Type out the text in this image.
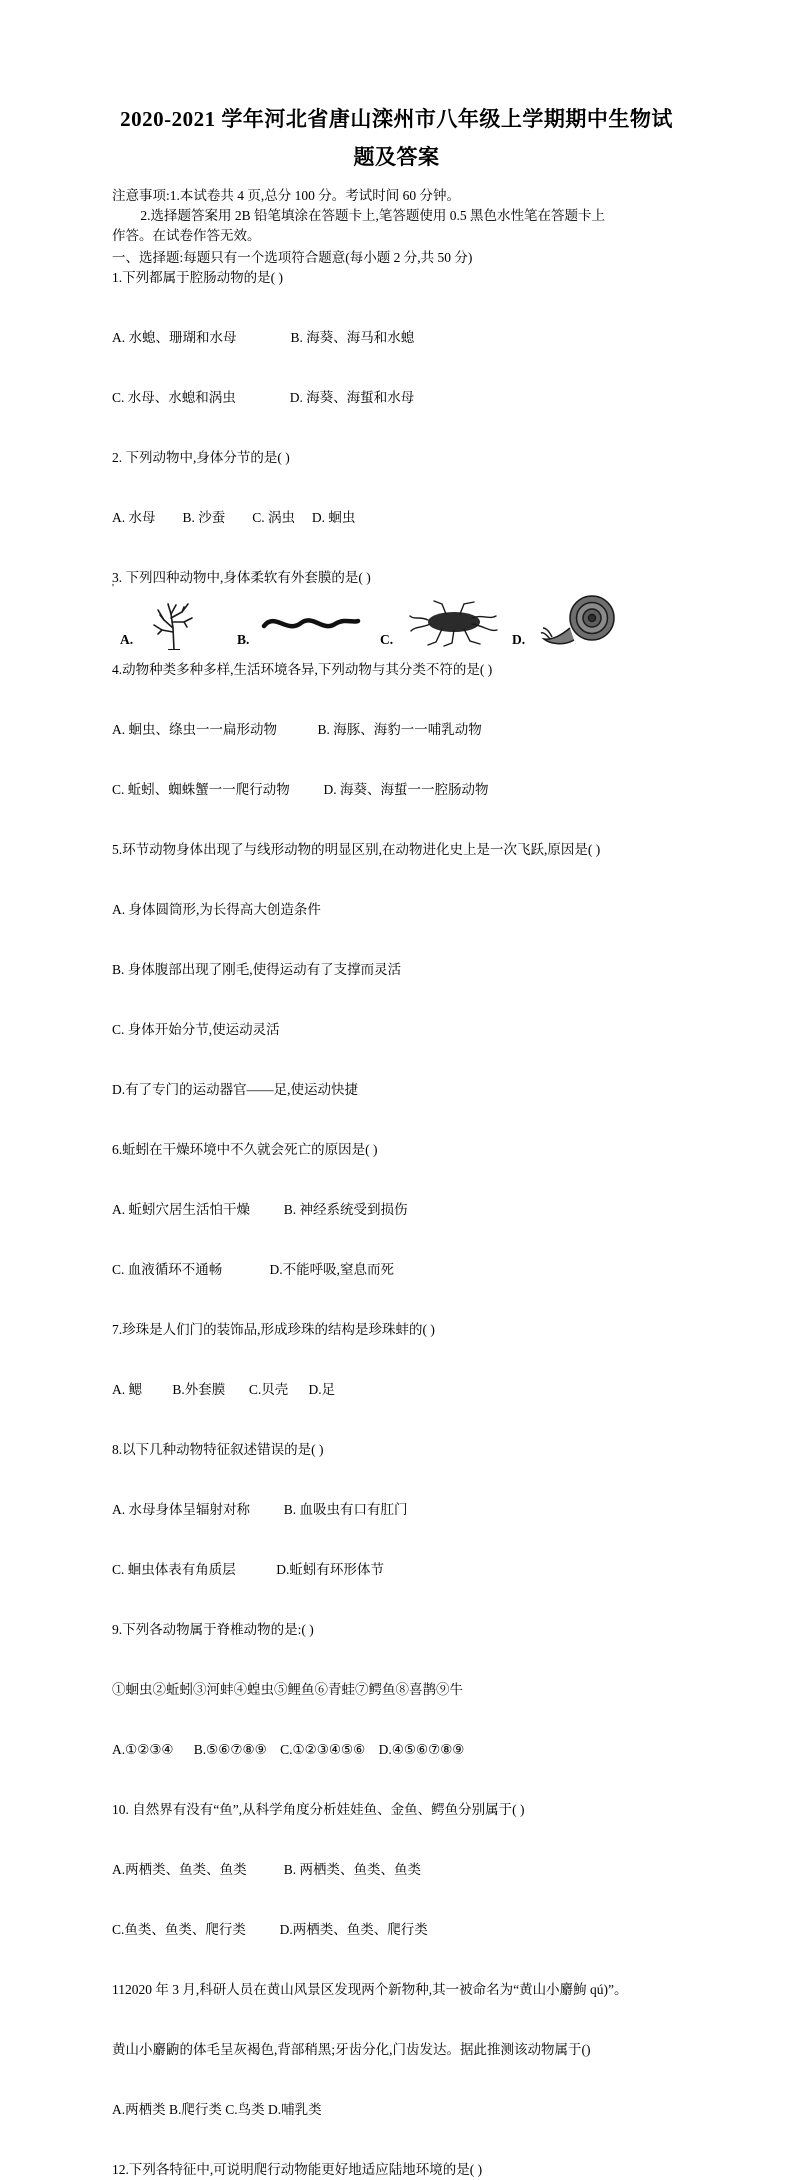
2020-2021 学年河北省唐山滦州市八年级上学期期中生物试
题及答案

注意事项:1.本试卷共 4 页,总分 100 分。考试时间 60 分钟。

2.选择题答案用 2B 铅笔填涂在答题卡上,笔答题使用 0.5 黑色水性笔在答题卡上

作答。在试卷作答无效。

一、选择题:每题只有一个选项符合题意(每小题 2 分,共 50 分)
1.下列都属于腔肠动物的是( )

A. 水螅、珊瑚和水母                B. 海葵、海马和水螅

C. 水母、水螅和涡虫                D. 海葵、海蜇和水母

2. 下列动物中,身体分节的是( )

A. 水母        B. 沙蚕        C. 涡虫     D. 蛔虫

3. 下列四种动物中,身体柔软有外套膜的是( )
'
A.	B.	C.	D.
4.动物种类多种多样,生活环境各异,下列动物与其分类不符的是( )

A. 蛔虫、绦虫一一扁形动物            B. 海豚、海豹一一哺乳动物

C. 蚯蚓、蜘蛛蟹一一爬行动物          D. 海葵、海蜇一一腔肠动物

5.环节动物身体出现了与线形动物的明显区别,在动物进化史上是一次飞跃,原因是( )

A. 身体圆筒形,为长得高大创造条件

B. 身体腹部出现了刚毛,使得运动有了支撑而灵活

C. 身体开始分节,使运动灵活

D.有了专门的运动器官——足,使运动快捷

6.蚯蚓在干燥环境中不久就会死亡的原因是( )

A. 蚯蚓穴居生活怕干燥          B. 神经系统受到损伤

C. 血液循环不通畅              D.不能呼吸,窒息而死

7.珍珠是人们门的装饰品,形成珍珠的结构是珍珠蚌的( )

A. 鳃         B.外套膜       C.贝壳      D.足

8.以下几种动物特征叙述错误的是( )

A. 水母身体呈辐射对称          B. 血吸虫有口有肛门

C. 蛔虫体表有角质层            D.蚯蚓有环形体节

9.下列各动物属于脊椎动物的是:( )

①蛔虫②蚯蚓③河蚌④蝗虫⑤鲤鱼⑥青蛙⑦鳄鱼⑧喜鹊⑨牛

A.①②③④      B.⑤⑥⑦⑧⑨    C.①②③④⑤⑥    D.④⑤⑥⑦⑧⑨

10. 自然界有没有“鱼”,从科学角度分析娃娃鱼、金鱼、鳄鱼分别属于( )

A.两栖类、鱼类、鱼类           B. 两栖类、鱼类、鱼类

C.鱼类、鱼类、爬行类          D.两栖类、鱼类、爬行类

112020 年 3 月,科研人员在黄山风景区发现两个新物种,其一被命名为“黄山小麝鮈 qú)”。

黄山小麝鼩的体毛呈灰褐色,背部稍黑;牙齿分化,门齿发达。据此推测该动物属于()

A.两栖类 B.爬行类 C.鸟类 D.哺乳类

12.下列各特征中,可说明爬行动物能更好地适应陆地环境的是( )
